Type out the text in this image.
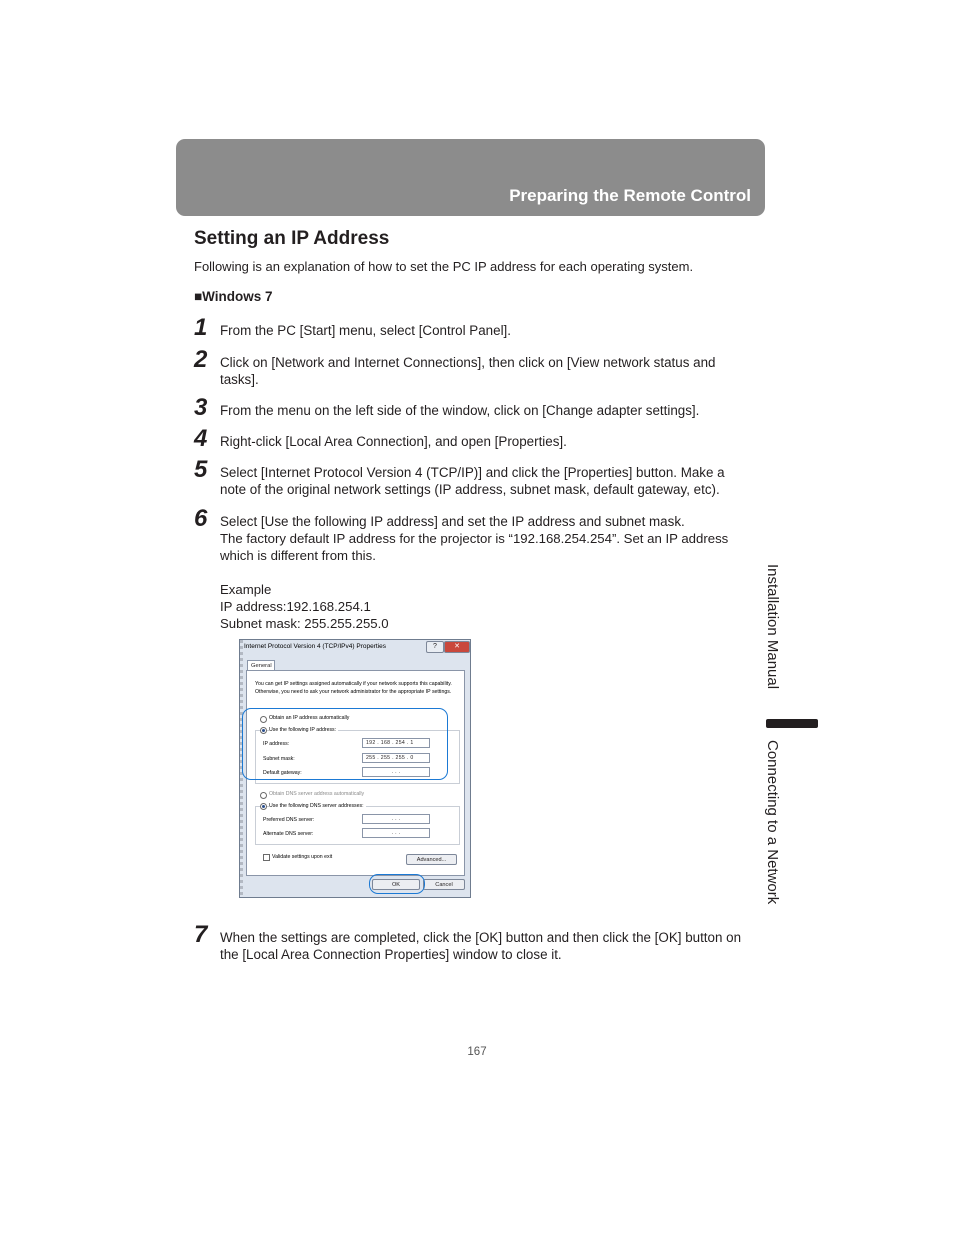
Preparing the Remote Control
Setting an IP Address
Following is an explanation of how to set the PC IP address for each operating system.
■Windows 7
1 From the PC [Start] menu, select [Control Panel].
2 Click on [Network and Internet Connections], then click on [View network status and tasks].
3 From the menu on the left side of the window, click on [Change adapter settings].
4 Right-click [Local Area Connection], and open [Properties].
5 Select [Internet Protocol Version 4 (TCP/IP)] and click the [Properties] button. Make a note of the original network settings (IP address, subnet mask, default gateway, etc).
6 Select [Use the following IP address] and set the IP address and subnet mask.
The factory default IP address for the projector is “192.168.254.254”. Set an IP address which is different from this.
Example
IP address:192.168.254.1
Subnet mask: 255.255.255.0
Internet Protocol Version 4 (TCP/IPv4) Properties	?	✕
General
You can get IP settings assigned automatically if your network supports this capability. Otherwise, you need to ask your network administrator for the appropriate IP settings.
Obtain an IP address automatically
Use the following IP address:
IP address:	192 . 168 . 254 . 1
Subnet mask:	255 . 255 . 255 . 0
Default gateway:	. . .
Obtain DNS server address automatically
Use the following DNS server addresses:
Preferred DNS server:	. . .
Alternate DNS server:	. . .
Validate settings upon exit	Advanced...
OK	Cancel
7 When the settings are completed, click the [OK] button and then click the [OK] button on the [Local Area Connection Properties] window to close it.
Installation Manual
Connecting to a Network
167
